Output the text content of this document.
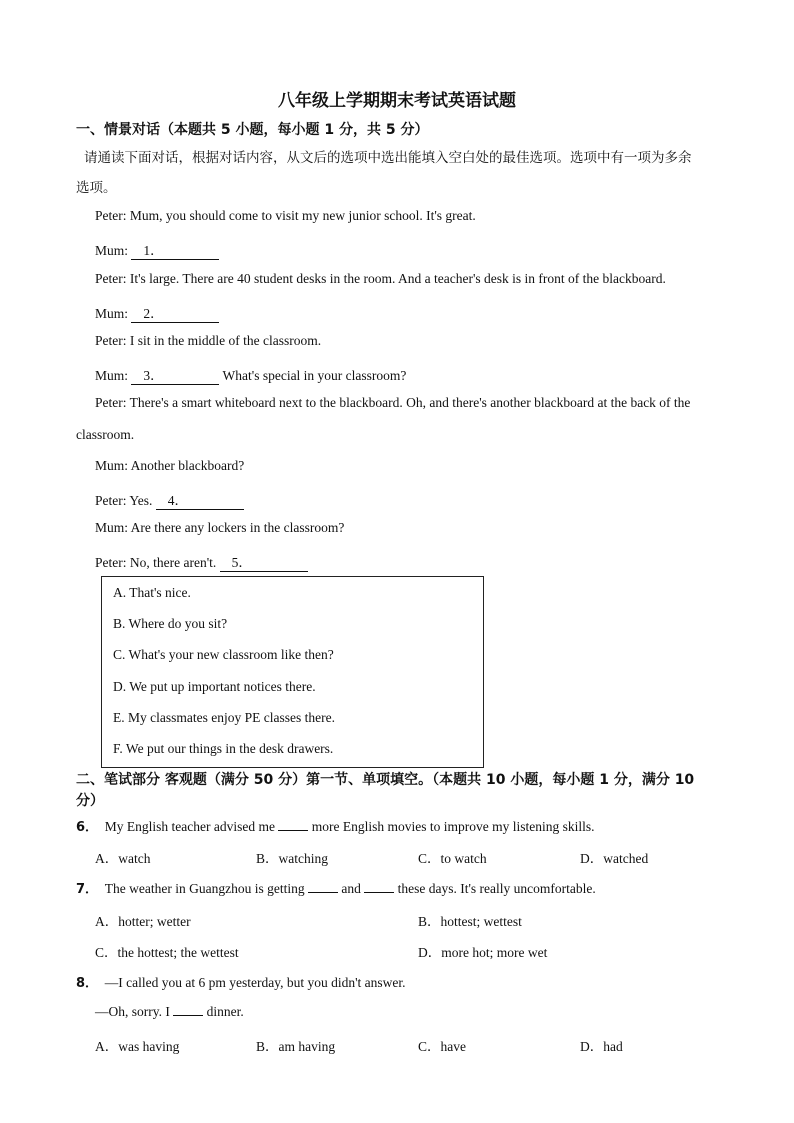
八年级上学期期末考试英语试题
一、情景对话（本题共 5 小题，每小题 1 分，共 5 分）
请通读下面对话，根据对话内容，从文后的选项中选出能填入空白处的最佳选项。选项中有一项为多余
选项。
Peter: Mum, you should come to visit my new junior school. It's great.
Mum: 1．
Peter: It's large. There are 40 student desks in the room. And a teacher's desk is in front of the blackboard.
Mum: 2．
Peter: I sit in the middle of the classroom.
Mum: 3．	What's special in your classroom?
Peter: There's a smart whiteboard next to the blackboard. Oh, and there's another blackboard at the back of the
classroom.
Mum: Another blackboard?
Peter: Yes. 4．
Mum: Are there any lockers in the classroom?
Peter: No, there aren't. 5．
A. That's nice.
B. Where do you sit?
C. What's your new classroom like then?
D. We put up important notices there.
E. My classmates enjoy PE classes there.
F. We put our things in the desk drawers.
二、笔试部分 客观题（满分 50 分）第一节、单项填空。（本题共 10 小题，每小题 1 分，满分 10
分）
6． My English teacher advised me	more English movies to improve my listening skills.
A．watch	B．watching	C．to watch	D．watched
7． The weather in Guangzhou is getting	and	these days. It's really uncomfortable.
A．hotter; wetter	B．hottest; wettest
C．the hottest; the wettest	D．more hot; more wet
8． —I called you at 6 pm yesterday, but you didn't answer.
—Oh, sorry. I	dinner.
A．was having	B．am having	C．have	D．had
